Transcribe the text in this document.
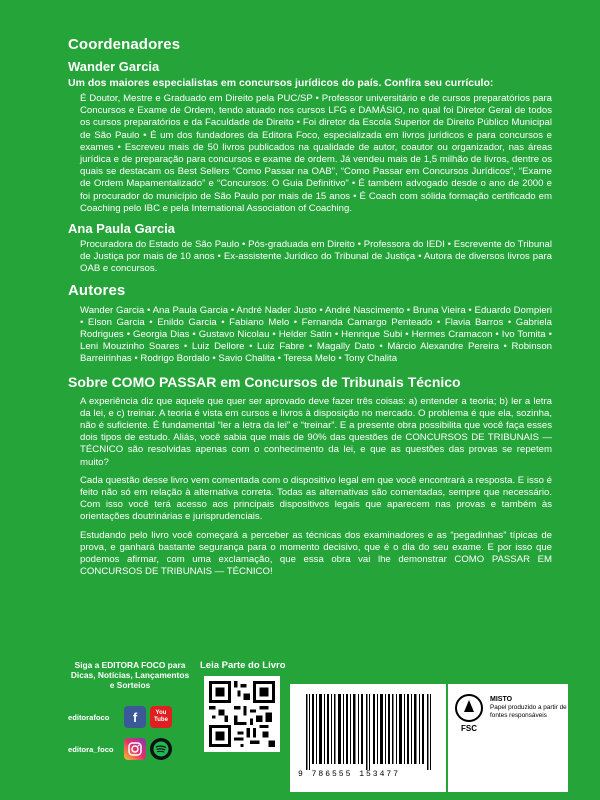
Coordenadores
Wander Garcia

Um dos maiores especialistas em concursos jurídicos do país. Confira seu currículo:

É Doutor, Mestre e Graduado em Direito pela PUC/SP • Professor universitário e de cursos preparatórios para Concursos e Exame de Ordem, tendo atuado nos cursos LFG e DAMÁSIO, no qual foi Diretor Geral de todos os cursos preparatórios e da Faculdade de Direito • Foi diretor da Escola Superior de Direito Público Municipal de São Paulo • É um dos fundadores da Editora Foco, especializada em livros jurídicos e para concursos e exames • Escreveu mais de 50 livros publicados na qualidade de autor, coautor ou organizador, nas áreas jurídica e de preparação para concursos e exame de ordem. Já vendeu mais de 1,5 milhão de livros, dentre os quais se destacam os Best Sellers “Como Passar na OAB”, “Como Passar em Concursos Jurídicos”, “Exame de Ordem Mapamentalizado” e “Concursos: O Guia Definitivo” • É também advogado desde o ano de 2000 e foi procurador do município de São Paulo por mais de 15 anos • É Coach com sólida formação certificado em Coaching pelo IBC e pela International Association of Coaching.

Ana Paula Garcia

Procuradora do Estado de São Paulo • Pós-graduada em Direito • Professora do IEDI • Escrevente do Tribunal de Justiça por mais de 10 anos • Ex-assistente Jurídico do Tribunal de Justiça • Autora de diversos livros para OAB e concursos.

Autores

Wander Garcia • Ana Paula Garcia • André Nader Justo • André Nascimento • Bruna Vieira • Eduardo Dompieri • Elson Garcia • Enildo Garcia • Fabiano Melo • Fernanda Camargo Penteado • Flavia Barros • Gabriela Rodrigues • Georgia Dias • Gustavo Nicolau • Helder Satin • Henrique Subi • Hermes Cramacon • Ivo Tomita • Leni Mouzinho Soares • Luiz Dellore • Luiz Fabre • Magally Dato • Márcio Alexandre Pereira • Robinson Barreirinhas • Rodrigo Bordalo • Savio Chalita • Teresa Melo • Tony Chalita

Sobre COMO PASSAR em Concursos de Tribunais Técnico

A experiência diz que aquele que quer ser aprovado deve fazer três coisas: a) entender a teoria; b) ler a letra da lei, e c) treinar. A teoria é vista em cursos e livros à disposição no mercado. O problema é que ela, sozinha, não é suficiente. É fundamental “ler a letra da lei” e “treinar”. E a presente obra possibilita que você faça esses dois tipos de estudo. Aliás, você sabia que mais de 90% das questões de CONCURSOS DE TRIBUNAIS — TÉCNICO são resolvidas apenas com o conhecimento da lei, e que as questões das provas se repetem muito?

Cada questão desse livro vem comentada com o dispositivo legal em que você encontrará a resposta. E isso é feito não só em relação à alternativa correta. Todas as alternativas são comentadas, sempre que necessário. Com isso você terá acesso aos principais dispositivos legais que aparecem nas provas e também às orientações doutrinárias e jurisprudenciais.

Estudando pelo livro você começará a perceber as técnicas dos examinadores e as “pegadinhas” típicas de prova, e ganhará bastante segurança para o momento decisivo, que é o dia do seu exame. E por isso que podemos afirmar, com uma exclamação, que essa obra vai lhe demonstrar COMO PASSAR EM CONCURSOS DE TRIBUNAIS — TÉCNICO!

Siga a EDITORA FOCO para Dicas, Notícias, Lançamentos e Sorteios
editorafoco	f	You
Tube
editora_foco
Leia Parte do Livro
9 786555 153477
FSC
MISTO
Papel produzido a partir de fontes responsáveis
